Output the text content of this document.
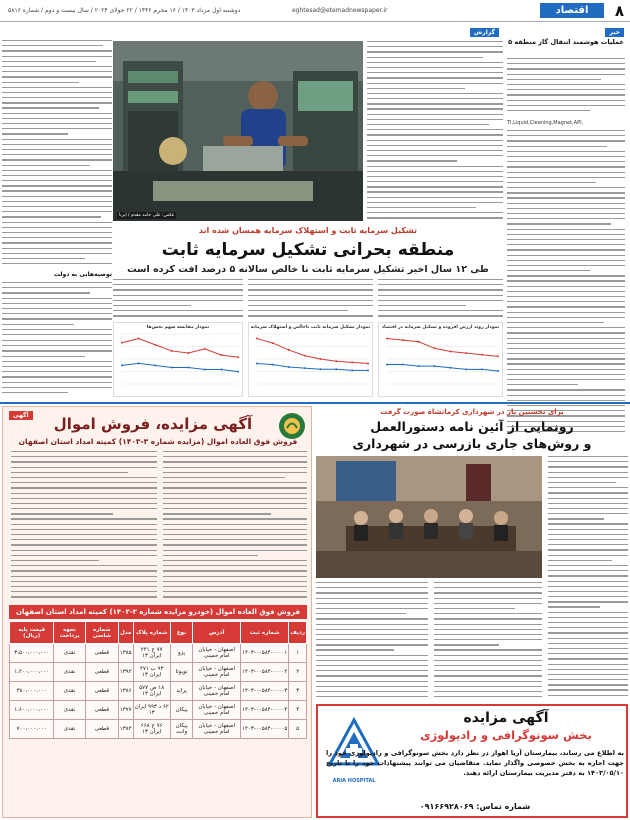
۸
اقتصاد
eghtesad@etemadnewspaper.ir
دوشنبه اول مرداد ۱۴۰۳ / ۱۶ محرم ۱۴۴۶ / ۲۲ جولای ۲۰۲۴ / سال بیست و دوم / شماره ۵۸۱۶
توصیه‌هایی به دولت
عکس: علی حامد مقدم / ایرنا
خبر
عملیات هوشمند انتقال گاز منطقه ۵
TI,Liquid,Cleaning,Magnet,API,
گزارش
تشکیل سرمایه ثابت و استهلاک سرمایه همسان شده اند
منطقه بحرانی تشکیل سرمایه ثابت
طی ۱۲ سال اخیر تشکیل سرمایه ثابت نا خالص سالانه ۵ درصد افت کرده است
نمودار روند ارزش افزوده و تشکیل سرمایه در اقتصاد
نمودار تشکیل سرمایه ثابت ناخالص و استهلاک سرمایه
نمودار مقایسه سهم بخش‌ها
آگهی	آگهی مزایده، فروش اموال
فروش فوق العاده اموال (مزایده شماره ۳-۱۴۰۳) کمیته امداد استان اصفهان
فروش فوق العاده اموال (خودرو مزایده شماره ۳-۱۴۰۳) کمیته امداد استان اصفهان
ردیف	شماره ثبت	آدرس	نوع	شماره پلاک	مدل	شماره شاسی	نحوه پرداخت	قیمت پایه (ریال)
۱	۱۴۰۳-۰۰۵۸۴-۰۰۰۰۱	اصفهان - خیابان امام خمینی	پژو	۷۷ ج ۲۴۱ ایران ۱۳	۱۳۸۵	قطعی	نقدی	۳،۵۰۰،۰۰۰،۰۰۰
۲	۱۴۰۳-۰۰۵۸۴-۰۰۰۰۲	اصفهان - خیابان امام خمینی	تویوتا	۹۳ ب ۴۷۱ ایران ۱۳	۱۳۹۲	قطعی	نقدی	۱،۲۰۰،۰۰۰،۰۰۰
۳	۱۴۰۳-۰۰۵۸۴-۰۰۰۰۳	اصفهان - خیابان امام خمینی	پراید	۱۸ ص ۵۷۷ ایران ۱۳	۱۳۸۶	قطعی	نقدی	۳۸۰،۰۰۰،۰۰۰
۴	۱۴۰۳-۰۰۵۸۴-۰۰۰۰۴	اصفهان - خیابان امام خمینی	پیکان	۶۲ د ۹۹۳ ایران ۱۳	۱۳۷۷	قطعی	نقدی	۱،۶۰۰،۰۰۰،۰۰۰
۵	۱۴۰۳-۰۰۵۸۴-۰۰۰۰۵	اصفهان - خیابان امام خمینی	پیکان وانت	۷۶ ج ۶۶۸ ایران ۱۳	۱۳۸۲	قطعی	نقدی	۷۰۰،۰۰۰،۰۰۰
برای نخستین بار در شهرداری کرمانشاه صورت گرفت
رونمایی از آئین نامه دستورالعمل
و روش‌های جاری بازرسی در شهرداری
ARIA HOSPITAL
آگهی مزایده
بخش سونوگرافی و رادیولوژی
به اطلاع می رساند، بیمارستان آریا اهواز در نظر دارد بخش سونوگرافی و رادیولوژی خود را جهت اجاره به بخش خصوصی واگذار نماید. متقاضیان می توانند پیشنهادات خود را تا تاریخ ۱۴۰۳/۰۵/۱۰ به دفتر مدیریت بیمارستان ارائه دهند.
شماره تماس: ۰۹۱۶۶۹۲۸۰۶۹
